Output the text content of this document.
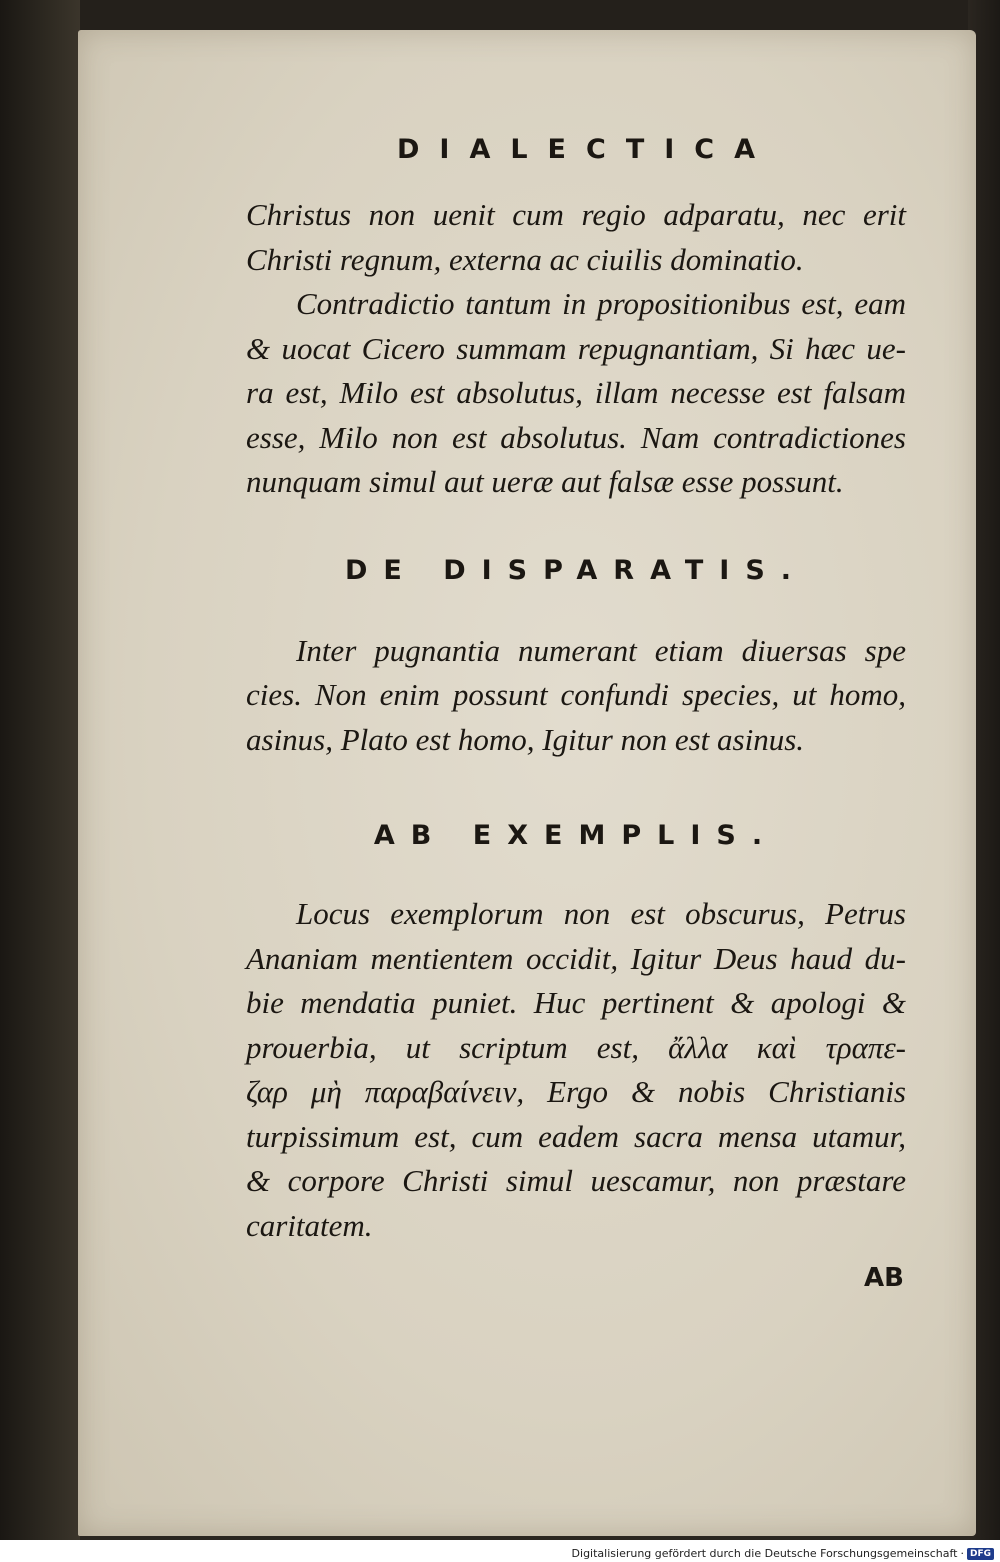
DIALECTICA
Christus non uenit cum regio adparatu, nec erit
Christi regnum, externa ac ciuilis dominatio.
Contradictio tantum in propositionibus est, eam
& uocat Cicero summam repugnantiam, Si hæc ue-
ra est, Milo est absolutus, illam necesse est falsam
esse, Milo non est absolutus. Nam contradictiones
nunquam simul aut ueræ aut falsæ esse possunt.
DE DISPARATIS.
Inter pugnantia numerant etiam diuersas spe
cies. Non enim possunt confundi species, ut homo,
asinus, Plato est homo, Igitur non est asinus.
AB EXEMPLIS.
Locus exemplorum non est obscurus, Petrus
Ananiam mentientem occidit, Igitur Deus haud du-
bie mendatia puniet. Huc pertinent & apologi &
prouerbia, ut scriptum est, ἄλλα καὶ τραπε-
ζαρ μὴ παραβαίνειν, Ergo & nobis Christianis
turpissimum est, cum eadem sacra mensa utamur,
& corpore Christi simul uescamur, non præstare
caritatem.
AB
Digitalisierung gefördert durch die Deutsche Forschungsgemeinschaft · DFG
